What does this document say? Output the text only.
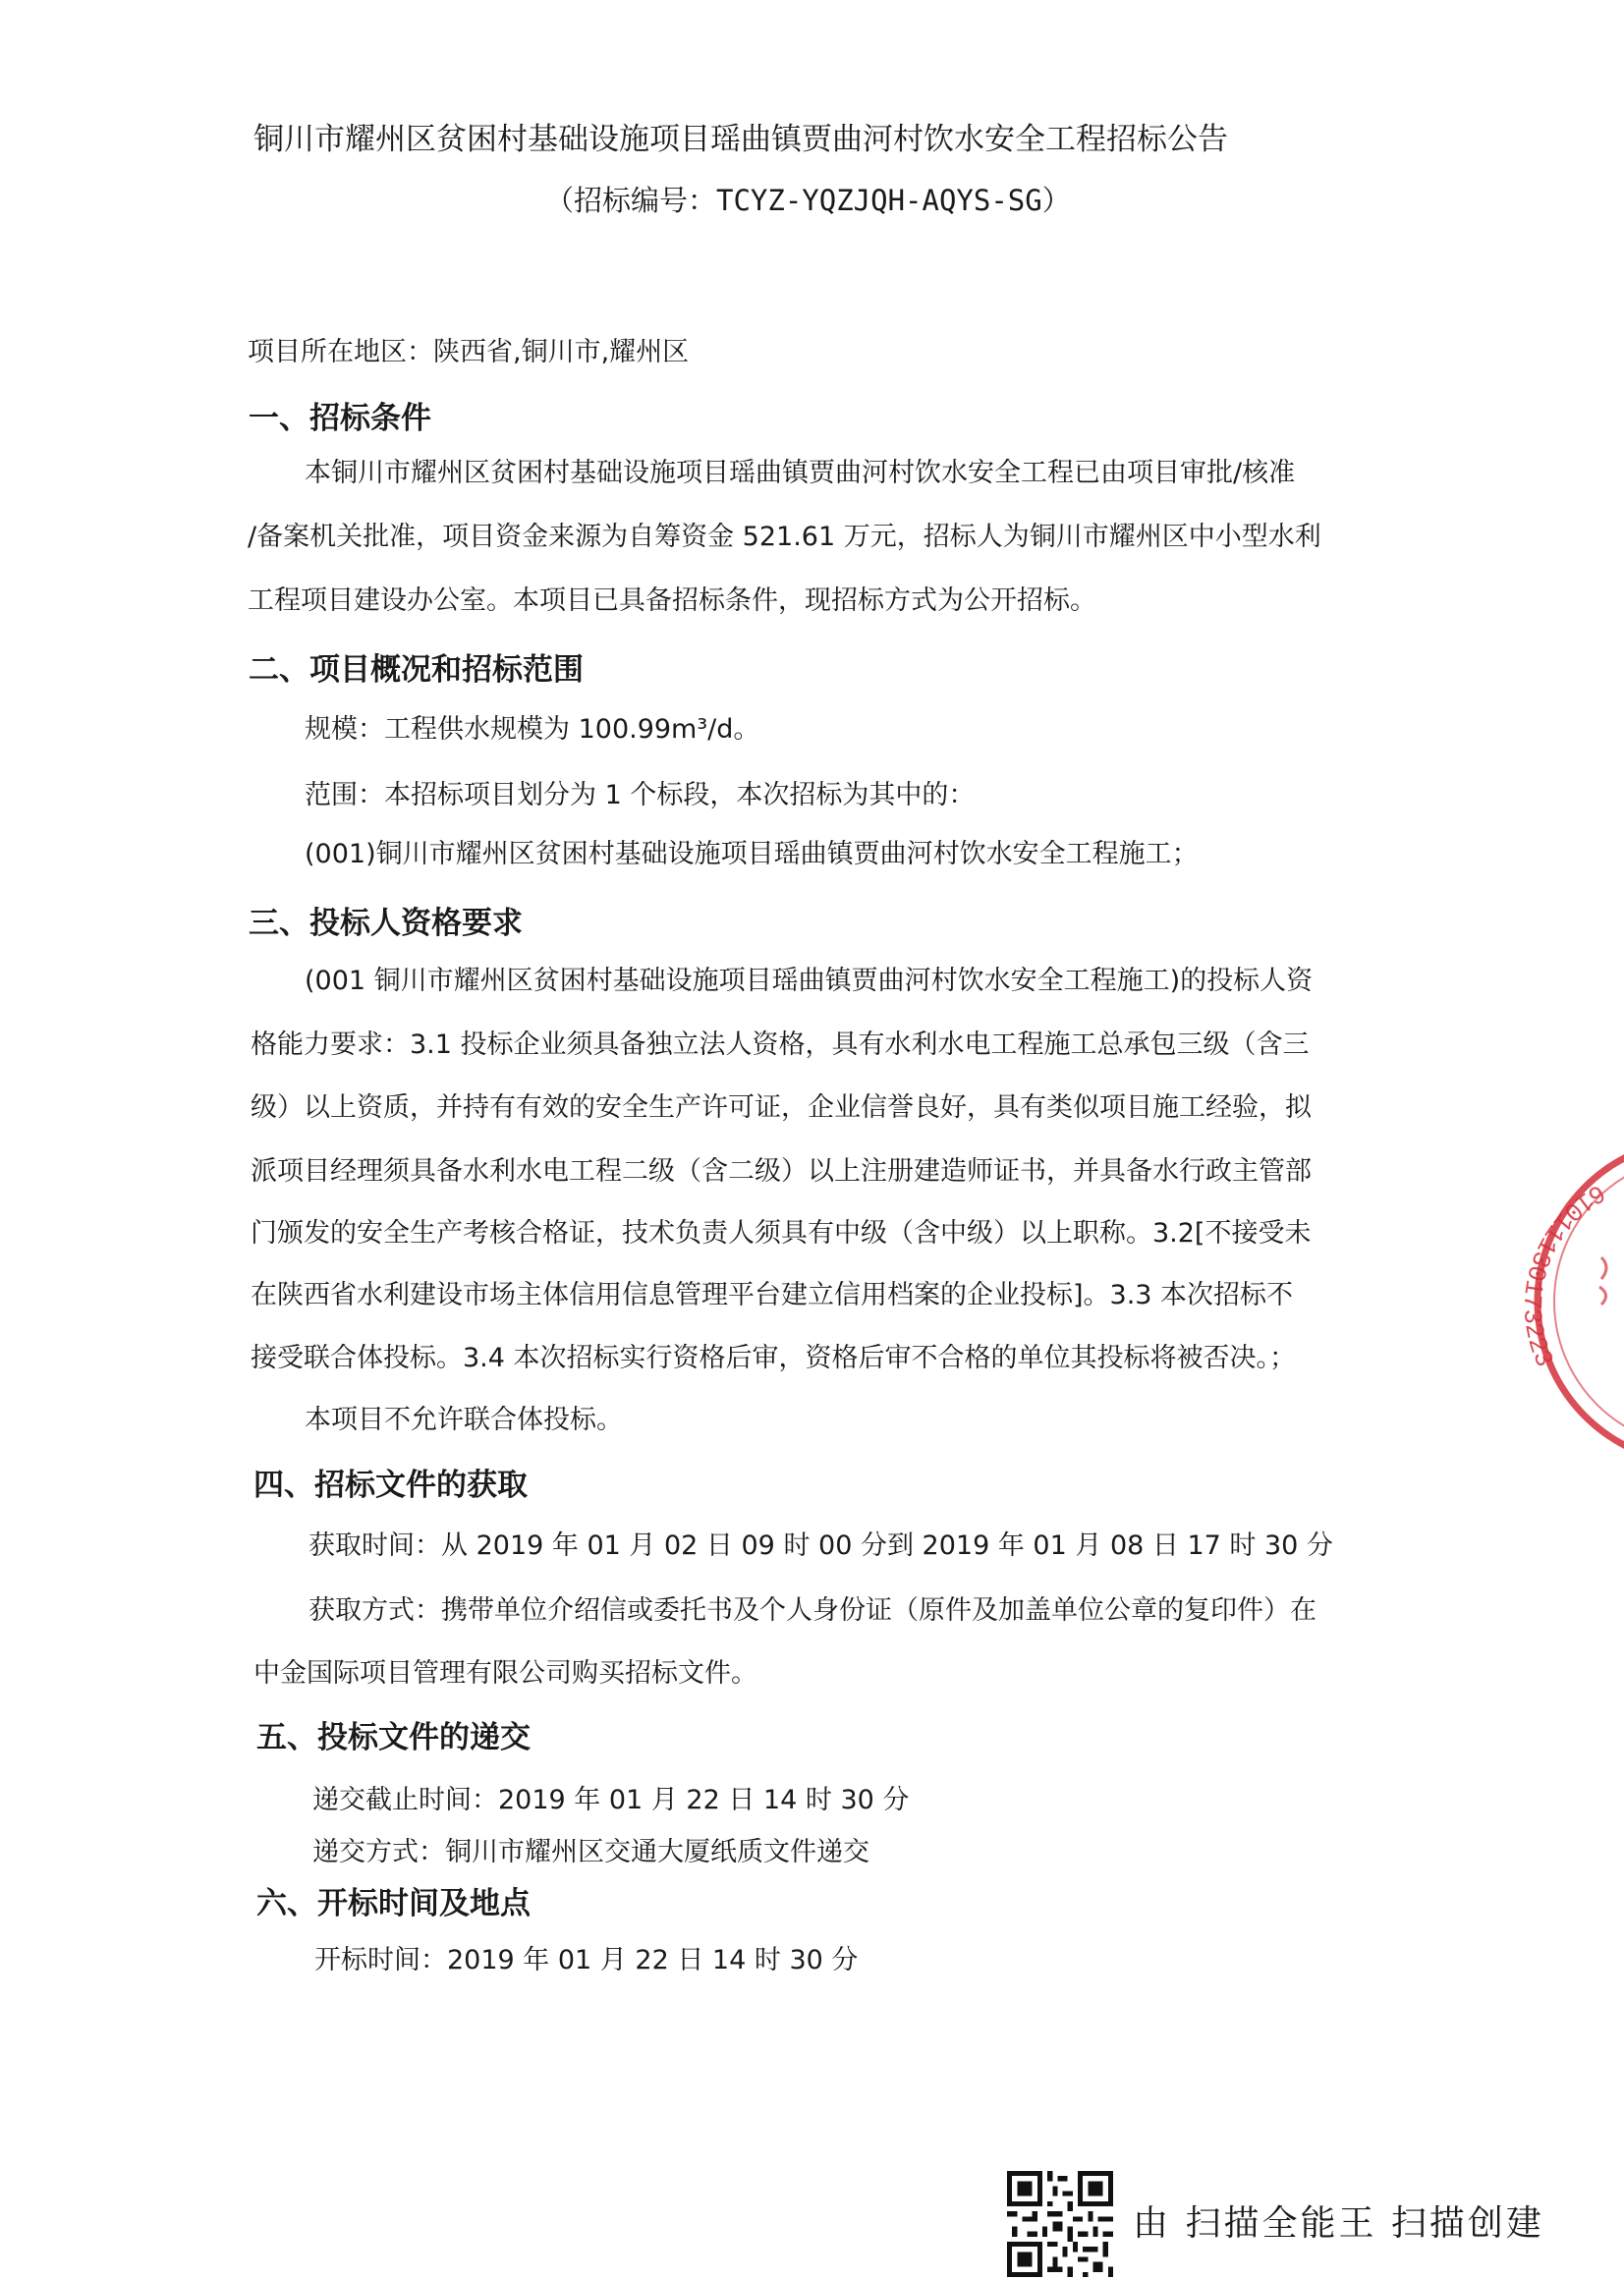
铜川市耀州区贫困村基础设施项目瑶曲镇贾曲河村饮水安全工程招标公告
（招标编号：TCYZ-YQZJQH-AQYS-SG）
项目所在地区：陕西省,铜川市,耀州区
一、招标条件
本铜川市耀州区贫困村基础设施项目瑶曲镇贾曲河村饮水安全工程已由项目审批/核准
/备案机关批准，项目资金来源为自筹资金 521.61 万元，招标人为铜川市耀州区中小型水利
工程项目建设办公室。本项目已具备招标条件，现招标方式为公开招标。
二、项目概况和招标范围
规模：工程供水规模为 100.99m³/d。
范围：本招标项目划分为 1 个标段，本次招标为其中的：
(001)铜川市耀州区贫困村基础设施项目瑶曲镇贾曲河村饮水安全工程施工；
三、投标人资格要求
(001 铜川市耀州区贫困村基础设施项目瑶曲镇贾曲河村饮水安全工程施工)的投标人资
格能力要求：3.1 投标企业须具备独立法人资格，具有水利水电工程施工总承包三级（含三
级）以上资质，并持有有效的安全生产许可证，企业信誉良好，具有类似项目施工经验，拟
派项目经理须具备水利水电工程二级（含二级）以上注册建造师证书，并具备水行政主管部
门颁发的安全生产考核合格证，技术负责人须具有中级（含中级）以上职称。3.2[不接受未
在陕西省水利建设市场主体信用信息管理平台建立信用档案的企业投标]。3.3 本次招标不
接受联合体投标。3.4 本次招标实行资格后审，资格后审不合格的单位其投标将被否决。；
本项目不允许联合体投标。
四、招标文件的获取
获取时间：从 2019 年 01 月 02 日 09 时 00 分到 2019 年 01 月 08 日 17 时 30 分
获取方式：携带单位介绍信或委托书及个人身份证（原件及加盖单位公章的复印件）在
中金国际项目管理有限公司购买招标文件。
五、投标文件的递交
递交截止时间：2019 年 01 月 22 日 14 时 30 分
递交方式：铜川市耀州区交通大厦纸质文件递交
六、开标时间及地点
开标时间：2019 年 01 月 22 日 14 时 30 分
61011130173223
由 扫描全能王 扫描创建
